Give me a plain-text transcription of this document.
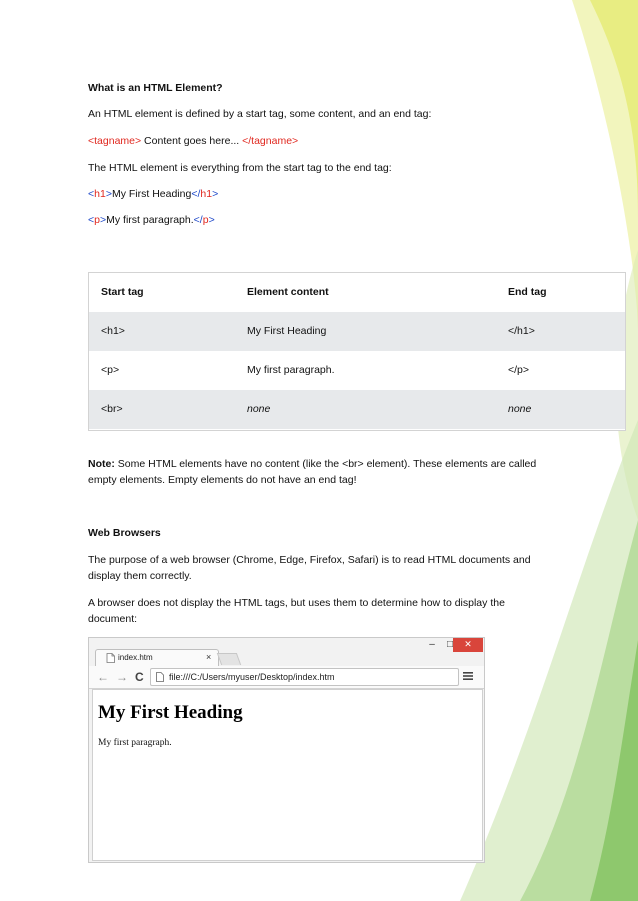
What is an HTML Element?

An HTML element is defined by a start tag, some content, and an end tag:

<tagname> Content goes here... </tagname>

The HTML element is everything from the start tag to the end tag:

<h1>My First Heading</h1>

<p>My first paragraph.</p>

Start tag	Element content	End tag
<h1>	My First Heading	</h1>
<p>	My first paragraph.	</p>
<br>	none	none

Note: Some HTML elements have no content (like the <br> element). These elements are called empty elements. Empty elements do not have an end tag!

Web Browsers

The purpose of a web browser (Chrome, Edge, Firefox, Safari) is to read HTML documents and display them correctly.

A browser does not display the HTML tags, but uses them to determine how to display the document:

index.htm	×
–	□	✕
← → C	file:///C:/Users/myuser/Desktop/index.htm
My First Heading

My first paragraph.
